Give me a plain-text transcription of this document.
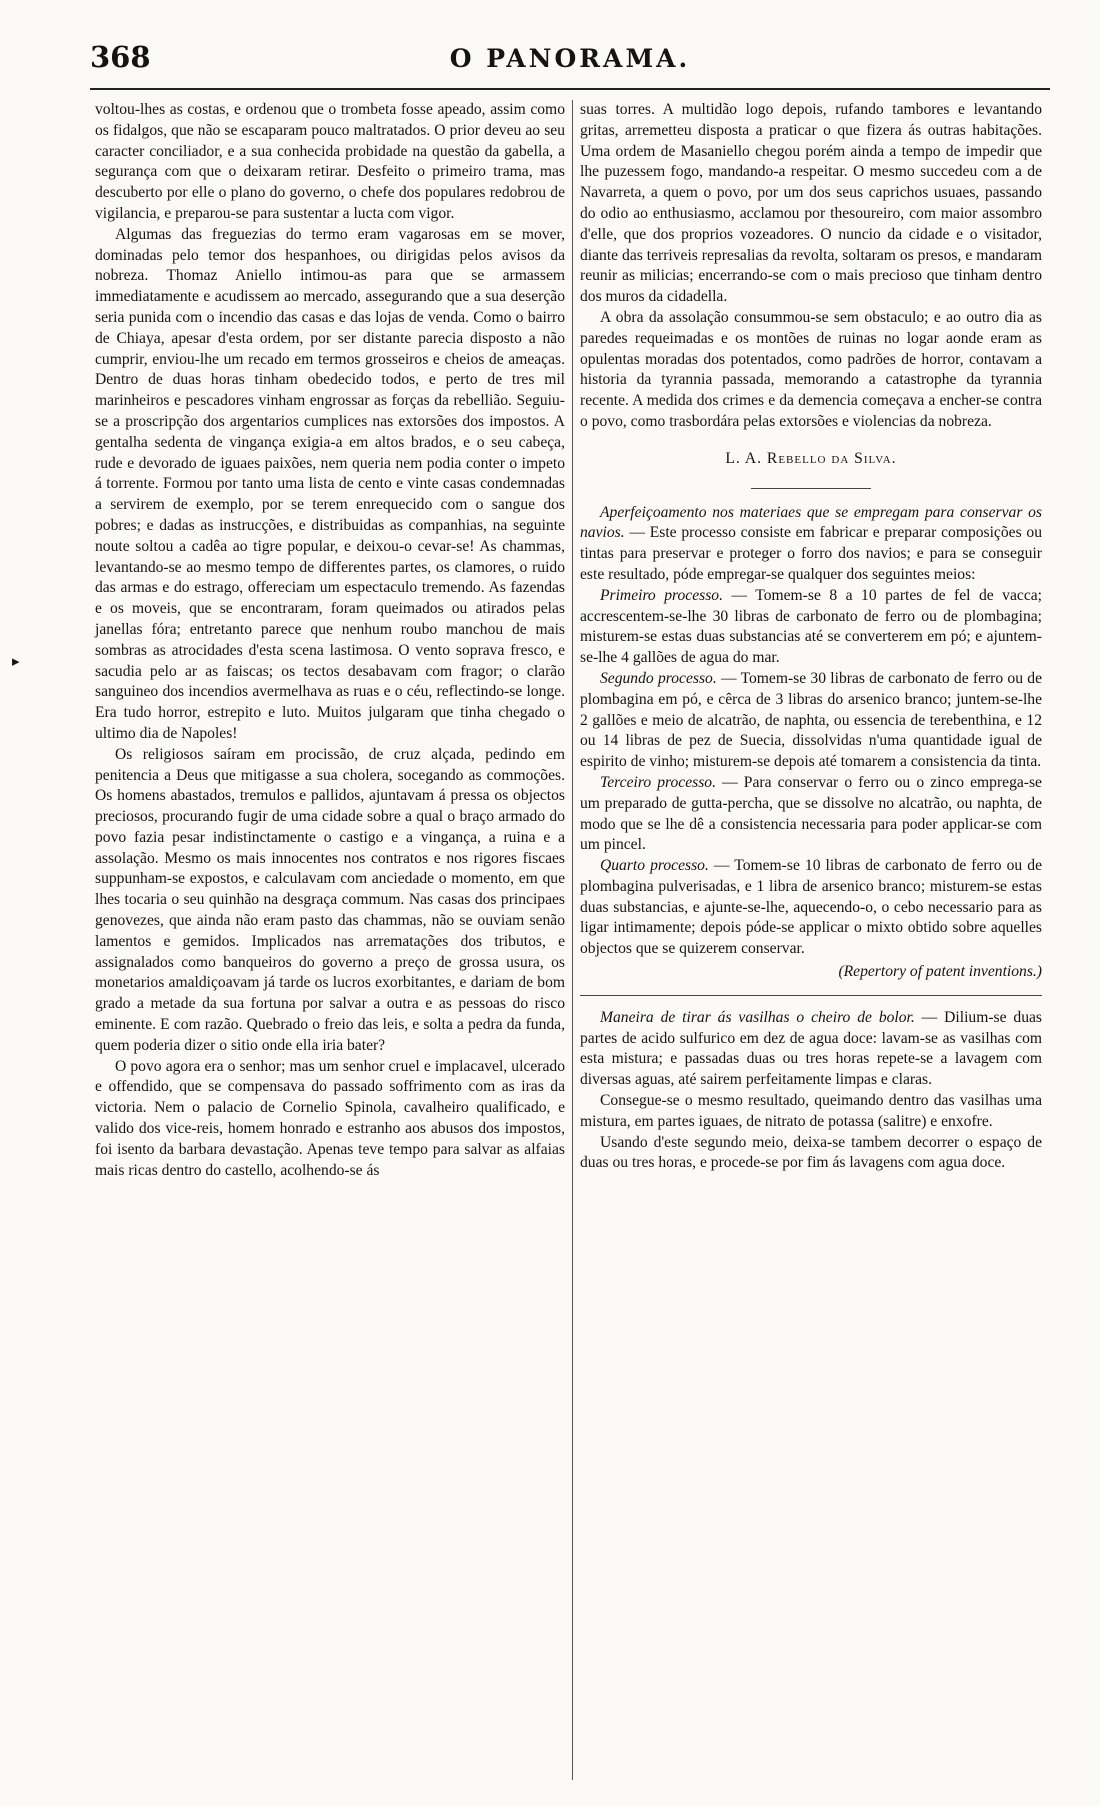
368	O PANORAMA.
▸

voltou-lhes as costas, e ordenou que o trombeta fosse apeado, assim como os fidalgos, que não se escaparam pouco maltratados. O prior deveu ao seu caracter conciliador, e a sua conhecida probidade na questão da gabella, a segurança com que o deixaram retirar. Desfeito o primeiro trama, mas descuberto por elle o plano do governo, o chefe dos populares redobrou de vigilancia, e preparou-se para sustentar a lucta com vigor.

Algumas das freguezias do termo eram vagarosas em se mover, dominadas pelo temor dos hespanhoes, ou dirigidas pelos avisos da nobreza. Thomaz Aniello intimou-as para que se armassem immediatamente e acudissem ao mercado, assegurando que a sua deserção seria punida com o incendio das casas e das lojas de venda. Como o bairro de Chiaya, apesar d'esta ordem, por ser distante parecia disposto a não cumprir, enviou-lhe um recado em termos grosseiros e cheios de ameaças. Dentro de duas horas tinham obedecido todos, e perto de tres mil marinheiros e pescadores vinham engrossar as forças da rebellião. Seguiu-se a proscripção dos argentarios cumplices nas extorsões dos impostos. A gentalha sedenta de vingança exigia-a em altos brados, e o seu cabeça, rude e devorado de iguaes paixões, nem queria nem podia conter o impeto á torrente. Formou por tanto uma lista de cento e vinte casas condemnadas a servirem de exemplo, por se terem enrequecido com o sangue dos pobres; e dadas as instrucções, e distribuidas as companhias, na seguinte noute soltou a cadêa ao tigre popular, e deixou-o cevar-se! As chammas, levantando-se ao mesmo tempo de differentes partes, os clamores, o ruido das armas e do estrago, offereciam um espectaculo tremendo. As fazendas e os moveis, que se encontraram, foram queimados ou atirados pelas janellas fóra; entretanto parece que nenhum roubo manchou de mais sombras as atrocidades d'esta scena lastimosa. O vento soprava fresco, e sacudia pelo ar as faiscas; os tectos desabavam com fragor; o clarão sanguineo dos incendios avermelhava as ruas e o céu, reflectindo-se longe. Era tudo horror, estrepito e luto. Muitos julgaram que tinha chegado o ultimo dia de Napoles!

Os religiosos saíram em procissão, de cruz alçada, pedindo em penitencia a Deus que mitigasse a sua cholera, socegando as commoções. Os homens abastados, tremulos e pallidos, ajuntavam á pressa os objectos preciosos, procurando fugir de uma cidade sobre a qual o braço armado do povo fazia pesar indistinctamente o castigo e a vingança, a ruina e a assolação. Mesmo os mais innocentes nos contratos e nos rigores fiscaes suppunham-se expostos, e calculavam com anciedade o momento, em que lhes tocaria o seu quinhão na desgraça commum. Nas casas dos principaes genovezes, que ainda não eram pasto das chammas, não se ouviam senão lamentos e gemidos. Implicados nas arrematações dos tributos, e assignalados como banqueiros do governo a preço de grossa usura, os monetarios amaldiçoavam já tarde os lucros exorbitantes, e dariam de bom grado a metade da sua fortuna por salvar a outra e as pessoas do risco eminente. E com razão. Quebrado o freio das leis, e solta a pedra da funda, quem poderia dizer o sitio onde ella iria bater?

O povo agora era o senhor; mas um senhor cruel e implacavel, ulcerado e offendido, que se compensava do passado soffrimento com as iras da victoria. Nem o palacio de Cornelio Spinola, cavalheiro qualificado, e valido dos vice-reis, homem honrado e estranho aos abusos dos impostos, foi isento da barbara devastação. Apenas teve tempo para salvar as alfaias mais ricas dentro do castello, acolhendo-se ás

suas torres. A multidão logo depois, rufando tambores e levantando gritas, arremetteu disposta a praticar o que fizera ás outras habitações. Uma ordem de Masaniello chegou porém ainda a tempo de impedir que lhe puzessem fogo, mandando-a respeitar. O mesmo succedeu com a de Navarreta, a quem o povo, por um dos seus caprichos usuaes, passando do odio ao enthusiasmo, acclamou por thesoureiro, com maior assombro d'elle, que dos proprios vozeadores. O nuncio da cidade e o visitador, diante das terriveis represalias da revolta, soltaram os presos, e mandaram reunir as milicias; encerrando-se com o mais precioso que tinham dentro dos muros da cidadella.

A obra da assolação consummou-se sem obstaculo; e ao outro dia as paredes requeimadas e os montões de ruinas no logar aonde eram as opulentas moradas dos potentados, como padrões de horror, contavam a historia da tyrannia passada, memorando a catastrophe da tyrannia recente. A medida dos crimes e da demencia começava a encher-se contra o povo, como trasbordára pelas extorsões e violencias da nobreza.

L. A. Rebello da Silva.

Aperfeiçoamento nos materiaes que se empregam para conservar os navios. — Este processo consiste em fabricar e preparar composições ou tintas para preservar e proteger o forro dos navios; e para se conseguir este resultado, póde empregar-se qualquer dos seguintes meios:

Primeiro processo. — Tomem-se 8 a 10 partes de fel de vacca; accrescentem-se-lhe 30 libras de carbonato de ferro ou de plombagina; misturem-se estas duas substancias até se converterem em pó; e ajuntem-se-lhe 4 gallões de agua do mar.

Segundo processo. — Tomem-se 30 libras de carbonato de ferro ou de plombagina em pó, e cêrca de 3 libras do arsenico branco; juntem-se-lhe 2 gallões e meio de alcatrão, de naphta, ou essencia de terebenthina, e 12 ou 14 libras de pez de Suecia, dissolvidas n'uma quantidade igual de espirito de vinho; misturem-se depois até tomarem a consistencia da tinta.

Terceiro processo. — Para conservar o ferro ou o zinco emprega-se um preparado de gutta-percha, que se dissolve no alcatrão, ou naphta, de modo que se lhe dê a consistencia necessaria para poder applicar-se com um pincel.

Quarto processo. — Tomem-se 10 libras de carbonato de ferro ou de plombagina pulverisadas, e 1 libra de arsenico branco; misturem-se estas duas substancias, e ajunte-se-lhe, aquecendo-o, o cebo necessario para as ligar intimamente; depois póde-se applicar o mixto obtido sobre aquelles objectos que se quizerem conservar.

(Repertory of patent inventions.)

Maneira de tirar ás vasilhas o cheiro de bolor. — Dilium-se duas partes de acido sulfurico em dez de agua doce: lavam-se as vasilhas com esta mistura; e passadas duas ou tres horas repete-se a lavagem com diversas aguas, até sairem perfeitamente limpas e claras.

Consegue-se o mesmo resultado, queimando dentro das vasilhas uma mistura, em partes iguaes, de nitrato de potassa (salitre) e enxofre.

Usando d'este segundo meio, deixa-se tambem decorrer o espaço de duas ou tres horas, e procede-se por fim ás lavagens com agua doce.
